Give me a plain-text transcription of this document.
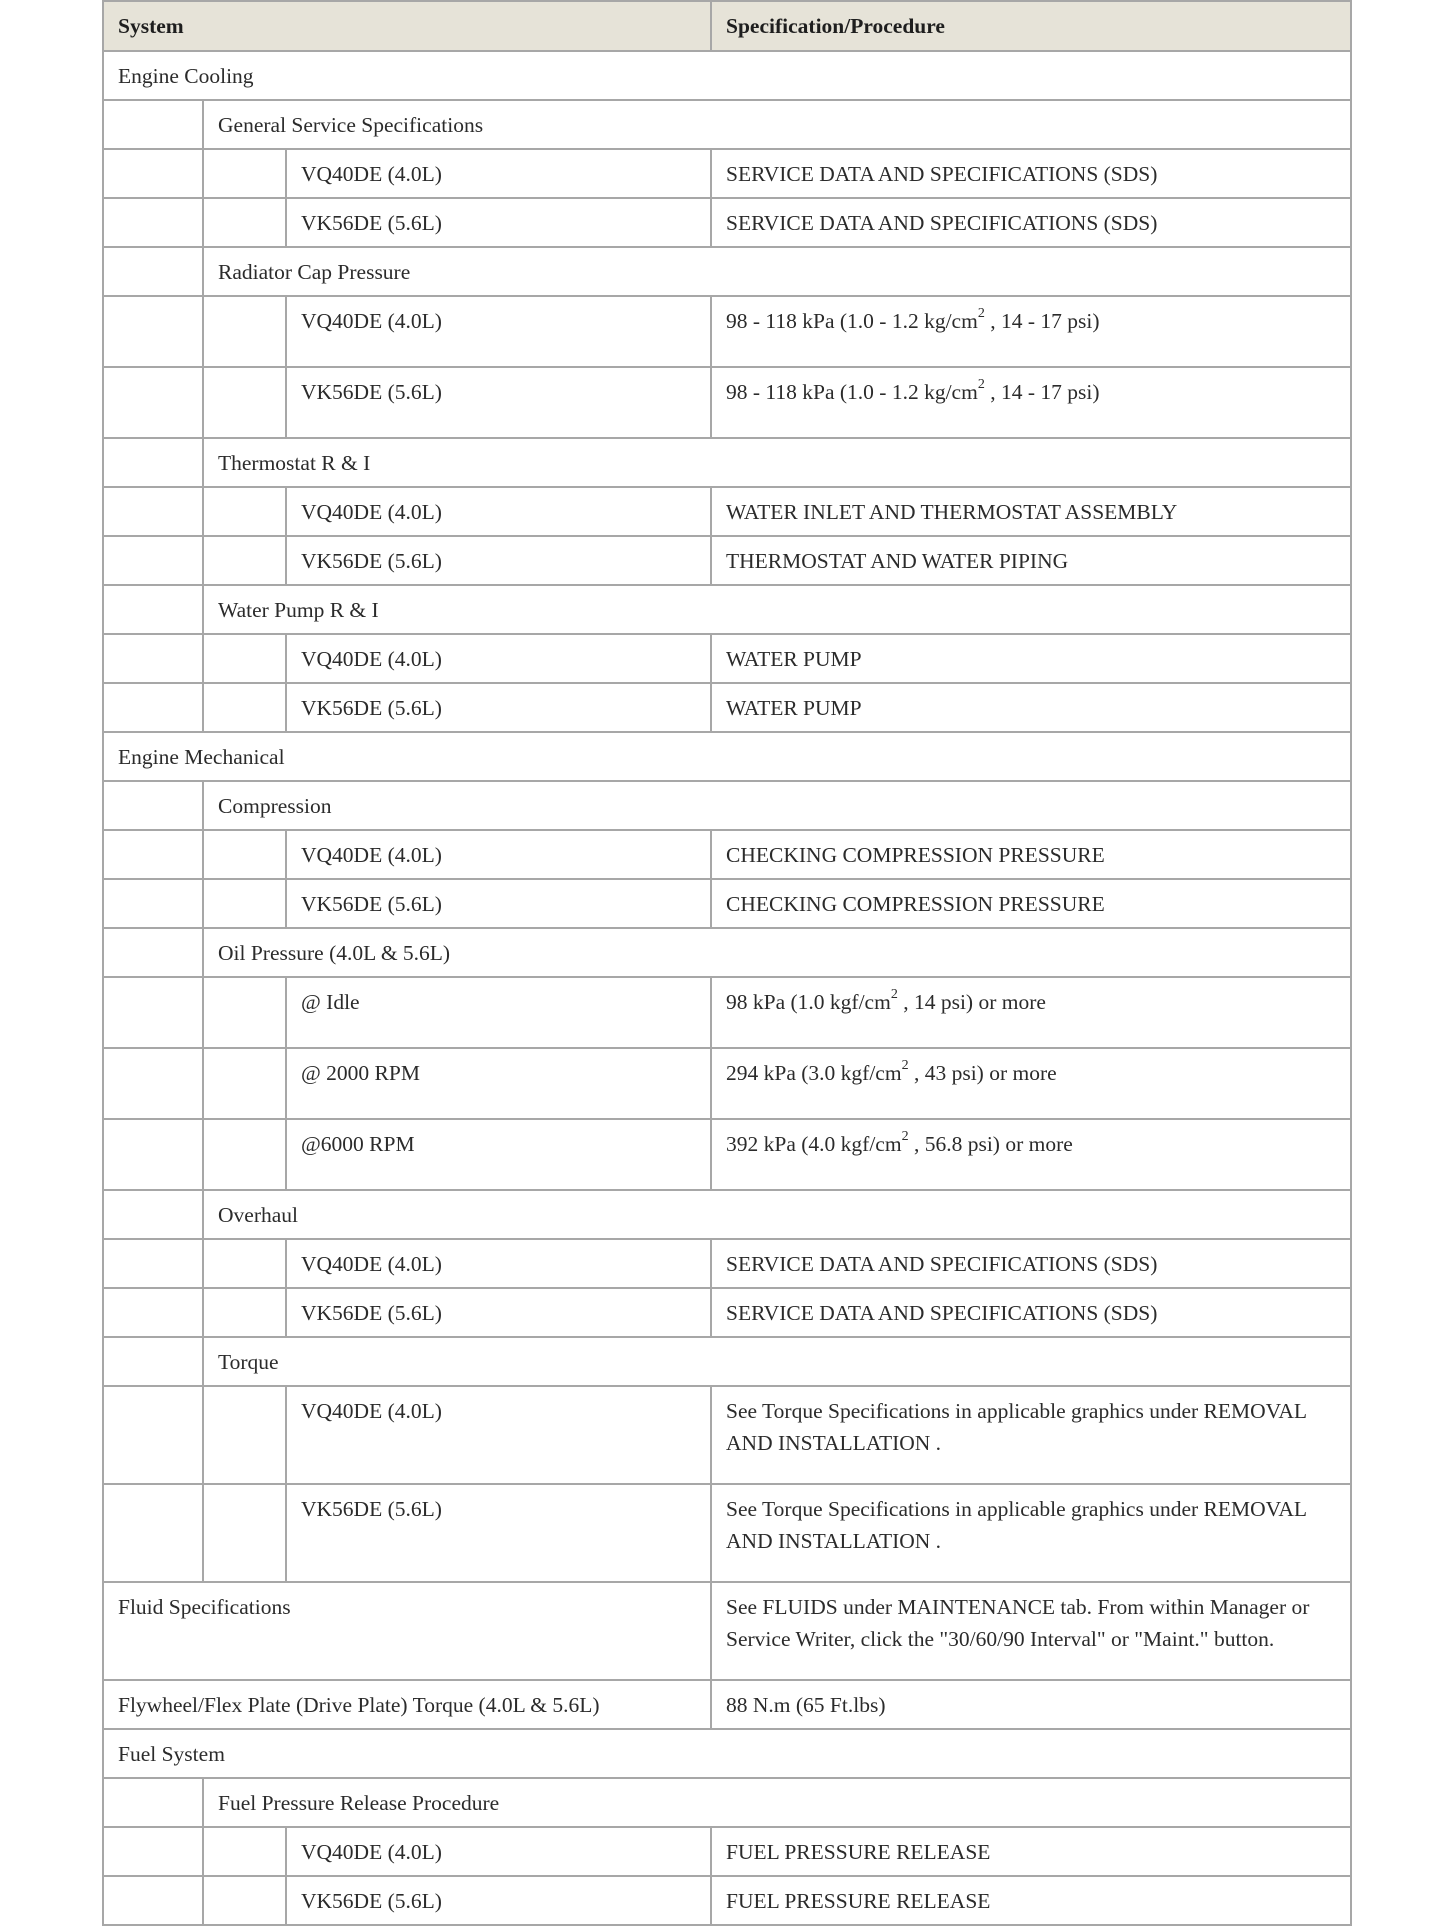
System			Specification/Procedure
Engine Cooling			
	General Service Specifications		
		VQ40DE (4.0L)	SERVICE DATA AND SPECIFICATIONS (SDS)
		VK56DE (5.6L)	SERVICE DATA AND SPECIFICATIONS (SDS)
	Radiator Cap Pressure		
		VQ40DE (4.0L)	98 - 118 kPa (1.0 - 1.2 $kg/cm^2$ , 14 - 17 psi)
		VK56DE (5.6L)	98 - 118 kPa (1.0 - 1.2 $kg/cm^2$ , 14 - 17 psi)
	Thermostat R & I		
		VQ40DE (4.0L)	WATER INLET AND THERMOSTAT ASSEMBLY
		VK56DE (5.6L)	THERMOSTAT AND WATER PIPING
	Water Pump R & I		
		VQ40DE (4.0L)	WATER PUMP
		VK56DE (5.6L)	WATER PUMP
Engine Mechanical			
	Compression		
		VQ40DE (4.0L)	CHECKING COMPRESSION PRESSURE
		VK56DE (5.6L)	CHECKING COMPRESSION PRESSURE
	Oil Pressure (4.0L & 5.6L)		
		@ Idle	98 kPa (1.0 kgf/$cm^2$ , 14 psi) or more
		@ 2000 RPM	294 kPa (3.0 kgf/$cm^2$ , 43 psi) or more
		@6000 RPM	392 kPa (4.0 kgf/$cm^2$ , 56.8 psi) or more
	Overhaul		
		VQ40DE (4.0L)	SERVICE DATA AND SPECIFICATIONS (SDS)
		VK56DE (5.6L)	SERVICE DATA AND SPECIFICATIONS (SDS)
	Torque		
		VQ40DE (4.0L)	See Torque Specifications in applicable graphics under REMOVAL AND INSTALLATION .
		VK56DE (5.6L)	See Torque Specifications in applicable graphics under REMOVAL AND INSTALLATION .
Fluid Specifications			See FLUIDS under MAINTENANCE tab. From within Manager or Service Writer, click the "30/60/90 Interval" or "Maint." button.
Flywheel/Flex Plate (Drive Plate) Torque (4.0L & 5.6L)			88 N.m (65 Ft.lbs)
Fuel System			
	Fuel Pressure Release Procedure		
		VQ40DE (4.0L)	FUEL PRESSURE RELEASE
		VK56DE (5.6L)	FUEL PRESSURE RELEASE
